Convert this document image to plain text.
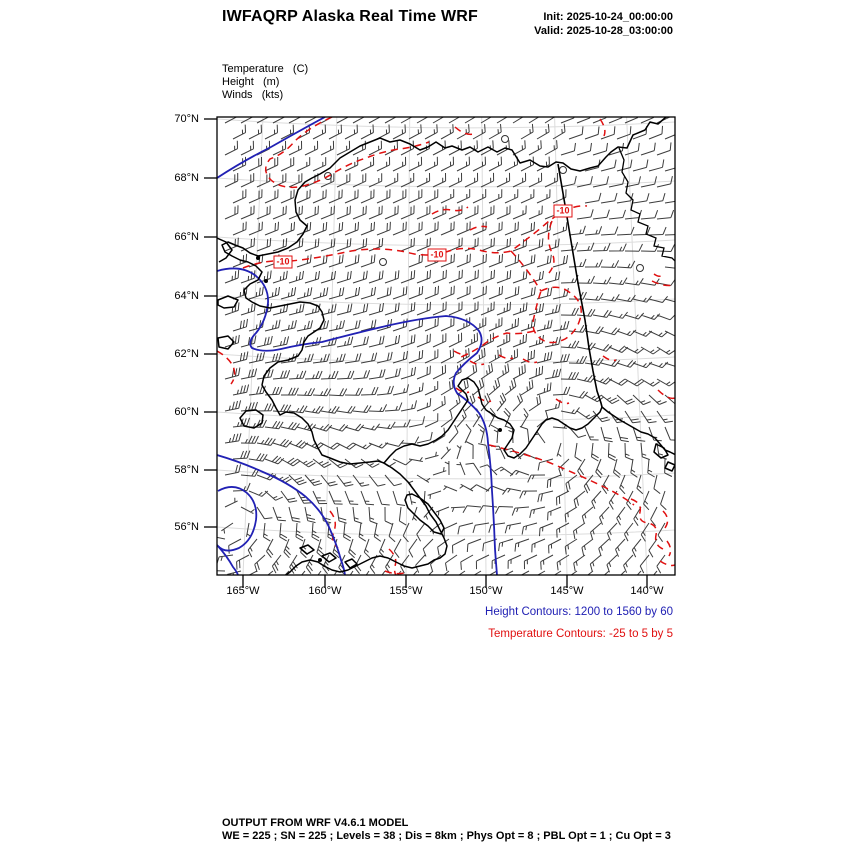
IWFAQRP Alaska Real Time WRF	Init: 2025-10-24_00:00:00
Valid: 2025-10-28_03:00:00
Temperature   (C)
Height   (m)
Winds   (kts)
70°N
68°N
66°N
64°N
62°N
60°N
58°N
56°N
165°W	160°W	155°W	150°W	145°W	140°W
-10
-10
-10
Height Contours: 1200 to 1560 by 60
Temperature Contours: -25 to 5 by 5
OUTPUT FROM WRF V4.6.1 MODEL
WE = 225 ; SN = 225 ; Levels = 38 ; Dis = 8km ; Phys Opt = 8 ; PBL Opt = 1 ; Cu Opt = 3
